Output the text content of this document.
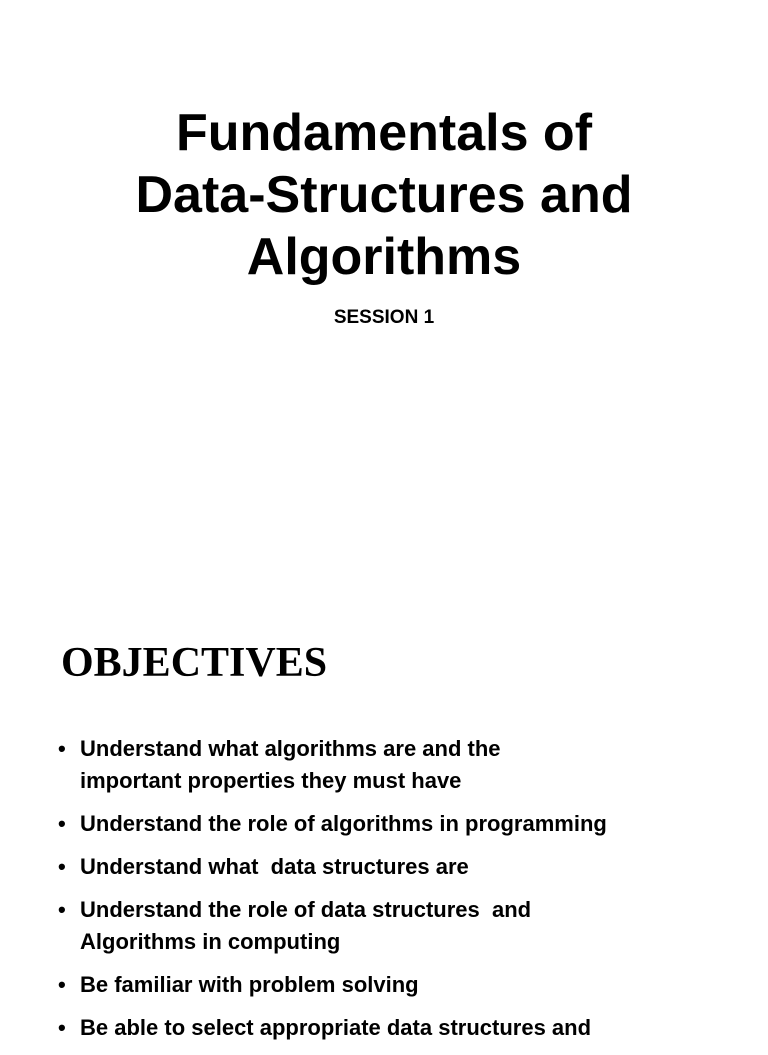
Fundamentals of
Data-Structures and
Algorithms
SESSION 1
OBJECTIVES
• Understand what algorithms are and the
important properties they must have
• Understand the role of algorithms in programming
• Understand what  data structures are
• Understand the role of data structures  and
Algorithms in computing
• Be familiar with problem solving
• Be able to select appropriate data structures and
